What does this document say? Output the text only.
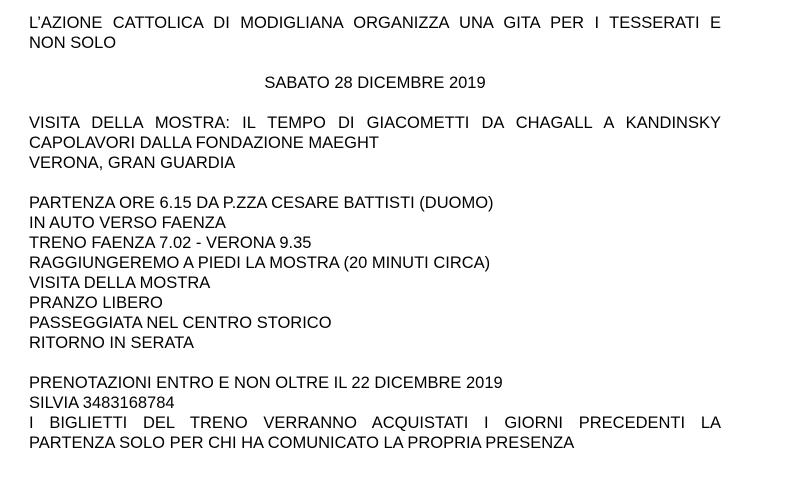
L’AZIONE CATTOLICA DI MODIGLIANA ORGANIZZA UNA GITA PER I TESSERATI E
NON SOLO
SABATO 28 DICEMBRE 2019
VISITA DELLA MOSTRA: IL TEMPO DI GIACOMETTI DA CHAGALL A KANDINSKY
CAPOLAVORI DALLA FONDAZIONE MAEGHT
VERONA, GRAN GUARDIA
PARTENZA ORE 6.15 DA P.ZZA CESARE BATTISTI (DUOMO)
IN AUTO VERSO FAENZA
TRENO FAENZA 7.02 - VERONA 9.35
RAGGIUNGEREMO A PIEDI LA MOSTRA (20 MINUTI CIRCA)
VISITA DELLA MOSTRA
PRANZO LIBERO
PASSEGGIATA NEL CENTRO STORICO
RITORNO IN SERATA
PRENOTAZIONI ENTRO E NON OLTRE IL 22 DICEMBRE 2019
SILVIA 3483168784
I BIGLIETTI DEL TRENO VERRANNO ACQUISTATI I GIORNI PRECEDENTI LA
PARTENZA SOLO PER CHI HA COMUNICATO LA PROPRIA PRESENZA
